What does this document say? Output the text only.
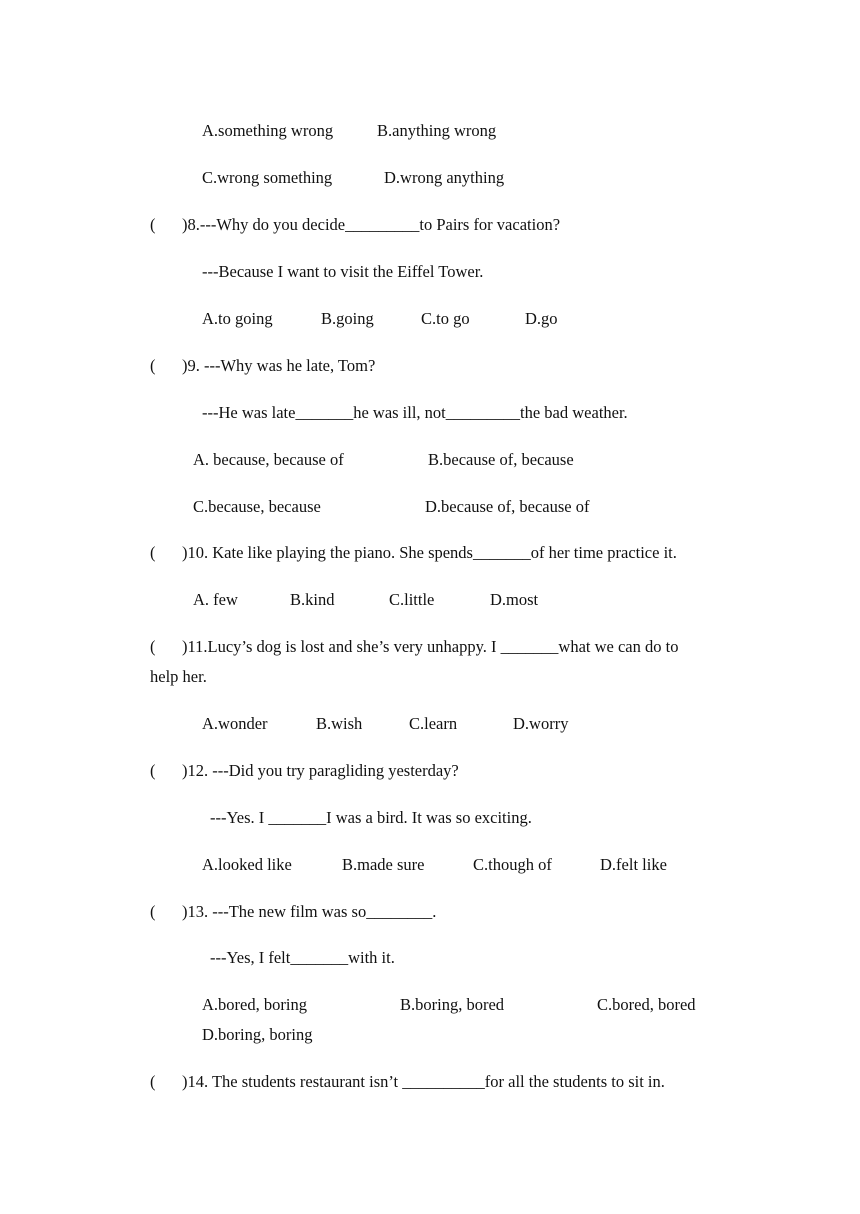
A.something wrong	B.anything wrong
C.wrong something	D.wrong anything
( )8.---Why do you decide_________to Pairs for vacation?
---Because I want to visit the Eiffel Tower.
A.to going	B.going	C.to go	D.go
( )9. ---Why was he late, Tom?
---He was late_______he was ill, not_________the bad weather.
A. because, because of	B.because of, because
C.because, because	D.because of, because of
( )10. Kate like playing the piano. She spends_______of her time practice it.
A. few	B.kind	C.little	D.most
( )11.Lucy’s dog is lost and she’s very unhappy. I _______what we can do to
help her.
A.wonder	B.wish	C.learn	D.worry
( )12. ---Did you try paragliding yesterday?
---Yes. I _______I was a bird. It was so exciting.
A.looked like	B.made sure	C.though of	D.felt like
( )13. ---The new film was so________.
---Yes, I felt_______with it.
A.bored, boring	B.boring, bored	C.bored, bored
D.boring, boring
( )14. The students restaurant isn’t __________for all the students to sit in.
